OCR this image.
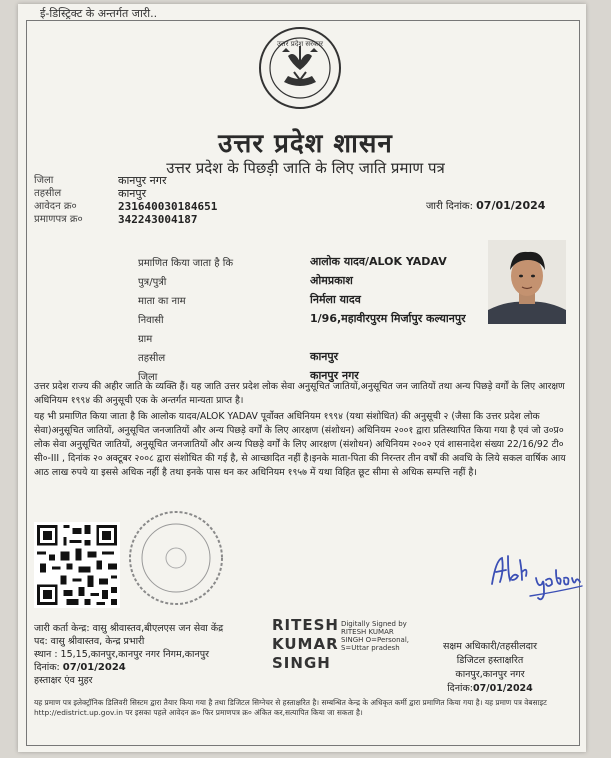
ई-डिस्ट्रिक्ट के अन्तर्गत जारी..
उत्तर प्रदेश सरकार
उत्तर प्रदेश शासन
उत्तर प्रदेश के पिछड़ी जाति के लिए जाति प्रमाण पत्र
जिला	कानपुर नगर
तहसील	कानपुर
आवेदन क्र०	231640030184651
प्रमाणपत्र क्र०	342243004187
जारी दिनांक: 07/01/2024
प्रमाणित किया जाता है कि	आलोक यादव/ALOK YADAV
पुत्र/पुत्री	ओमप्रकाश
माता का नाम	निर्मला यादव
निवासी	1/96,महावीरपुरम मिर्जापुर कल्यानपुर
ग्राम
तहसील	कानपुर
जिला	कानपुर नगर

उत्तर प्रदेश राज्य की अहीर जाति के व्यक्ति हैं। यह जाति उत्तर प्रदेश लोक सेवा अनुसूचित जातियों,अनुसूचित जन जातियों तथा अन्य पिछड़े वर्गों के लिए आरक्षण अधिनियम १९९४ की अनुसूची एक के अन्तर्गत मान्यता प्राप्त है।

यह भी प्रमाणित किया जाता है कि आलोक यादव/ALOK YADAV पूर्वोक्त अधिनियम १९९४ (यथा संशोधित) की अनुसूची २ (जैसा कि उत्तर प्रदेश लोक सेवा)अनुसूचित जातियों, अनुसूचित जनजातियों और अन्य पिछड़े वर्गों के लिए आरक्षण (संशोधन) अधिनियम २००१ द्वारा प्रतिस्थापित किया गया है एवं जो उ०प्र० लोक सेवा अनुसूचित जातियों, अनुसूचित जनजातियों और अन्य पिछड़े वर्गों के लिए आरक्षण (संशोधन) अधिनियम २००२ एवं शासनादेश संख्या 22/16/92 टी० सी०-III , दिनांक २० अक्टूबर २००८ द्वारा संशोधित की गई है, से आच्छादित नहीं है।इनके माता-पिता की निरन्तर तीन वर्षों की अवधि के लिये सकल वार्षिक आय आठ लाख रुपये या इससे अधिक नहीं है तथा इनके पास धन कर अधिनियम १९५७ में यथा विहित छूट सीमा से अधिक सम्पत्ति नहीं है।

जारी कर्ता केन्द्र: वासु श्रीवास्तव,बीएलएस जन सेवा केंद्र
पद: वासु श्रीवास्तव, केन्द्र प्रभारी
स्थान : 15,15,कानपुर,कानपुर नगर निगम,कानपुर
दिनांक: 07/01/2024
हस्ताक्षर एंव मुहर
RITESH
KUMAR
SINGH
Digitally Signed by
RITESH KUMAR
SINGH O=Personal,
S=Uttar pradesh	सक्षम अधिकारी/तहसीलदार
डिजिटल हस्ताक्षरित
कानपुर,कानपुर नगर
दिनांक:07/01/2024
यह प्रमाण पत्र इलेक्ट्रॉनिक डिलिवरी सिस्टम द्वारा तैयार किया गया है तथा डिजिटल सिग्नेचर से हस्ताक्षरित है। सम्बन्धित केन्द्र के अधिकृत कर्मी द्वारा प्रमाणित किया गया है। यह प्रमाण पत्र वेबसाइट http://edistrict.up.gov.in पर इसका पहले आवेदन क्र० फिर प्रमाणपत्र क्र० अंकित कर,सत्यापित किया जा सकता है।
